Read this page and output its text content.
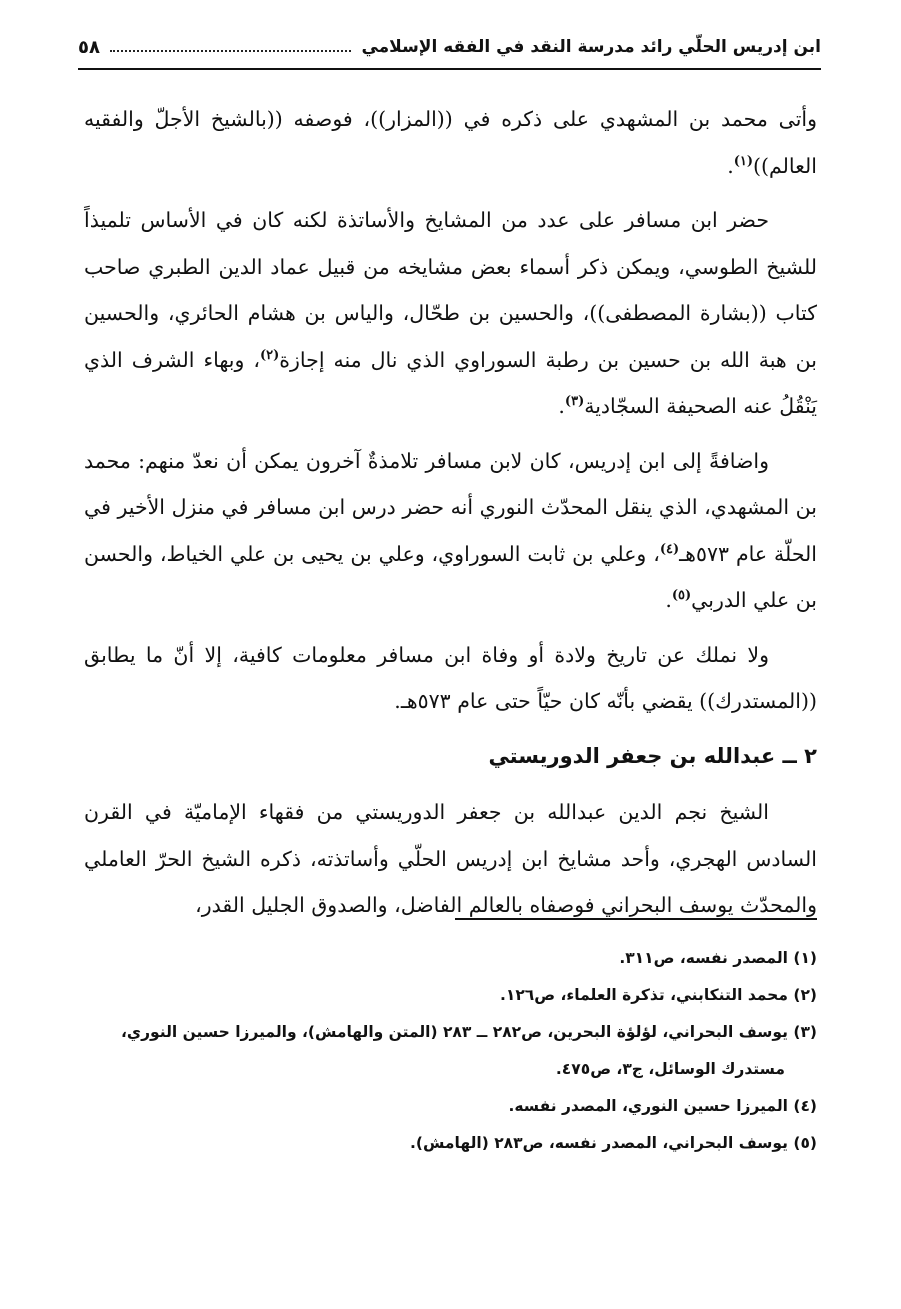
ابن إدريس الحلّي رائد مدرسة النقد في الفقه الإسلامي
٥٨

وأتى محمد بن المشهدي على ذكره في ((المزار))، فوصفه ((بالشيخ الأجلّ والفقيه العالم))$^{(١)}$.

حضر ابن مسافر على عدد من المشايخ والأساتذة لكنه كان في الأساس تلميذاً للشيخ الطوسي، ويمكن ذكر أسماء بعض مشايخه من قبيل عماد الدين الطبري صاحب كتاب ((بشارة المصطفى))، والحسين بن طحّال، والياس بن هشام الحائري، والحسين بن هبة الله بن حسين بن رطبة السوراوي الذي نال منه إجازة$^{(٢)}$، وبهاء الشرف الذي يَنْقُلُ عنه الصحيفة السجّادية$^{(٣)}$.

واضافةً إلى ابن إدريس، كان لابن مسافر تلامذةٌ آخرون يمكن أن نعدّ منهم: محمد بن المشهدي، الذي ينقل المحدّث النوري أنه حضر درس ابن مسافر في منزل الأخير في الحلّة عام ٥٧٣هـ$^{(٤)}$، وعلي بن ثابت السوراوي، وعلي بن يحيى بن علي الخياط، والحسن بن علي الدربي$^{(٥)}$.

ولا نملك عن تاريخ ولادة أو وفاة ابن مسافر معلومات كافية، إلا أنّ ما يطابق ((المستدرك)) يقضي بأنّه كان حيّاً حتى عام ٥٧٣هـ.

٢ ــ عبدالله بن جعفر الدوريستي

الشيخ نجم الدين عبدالله بن جعفر الدوريستي من فقهاء الإماميّة في القرن السادس الهجري، وأحد مشايخ ابن إدريس الحلّي وأساتذته، ذكره الشيخ الحرّ العاملي والمحدّث يوسف البحراني فوصفاه بالعالم الفاضل، والصدوق الجليل القدر،

(١) المصدر نفسه، ص٣١١.

(٢) محمد التنكابني، تذكرة العلماء، ص١٢٦.

(٣) يوسف البحراني، لؤلؤة البحرين، ص٢٨٢ ــ ٢٨٣ (المتن والهامش)، والميرزا حسين النوري، مستدرك الوسائل، ج٣، ص٤٧٥.

(٤) الميرزا حسين النوري، المصدر نفسه.

(٥) يوسف البحراني، المصدر نفسه، ص٢٨٣ (الهامش).
